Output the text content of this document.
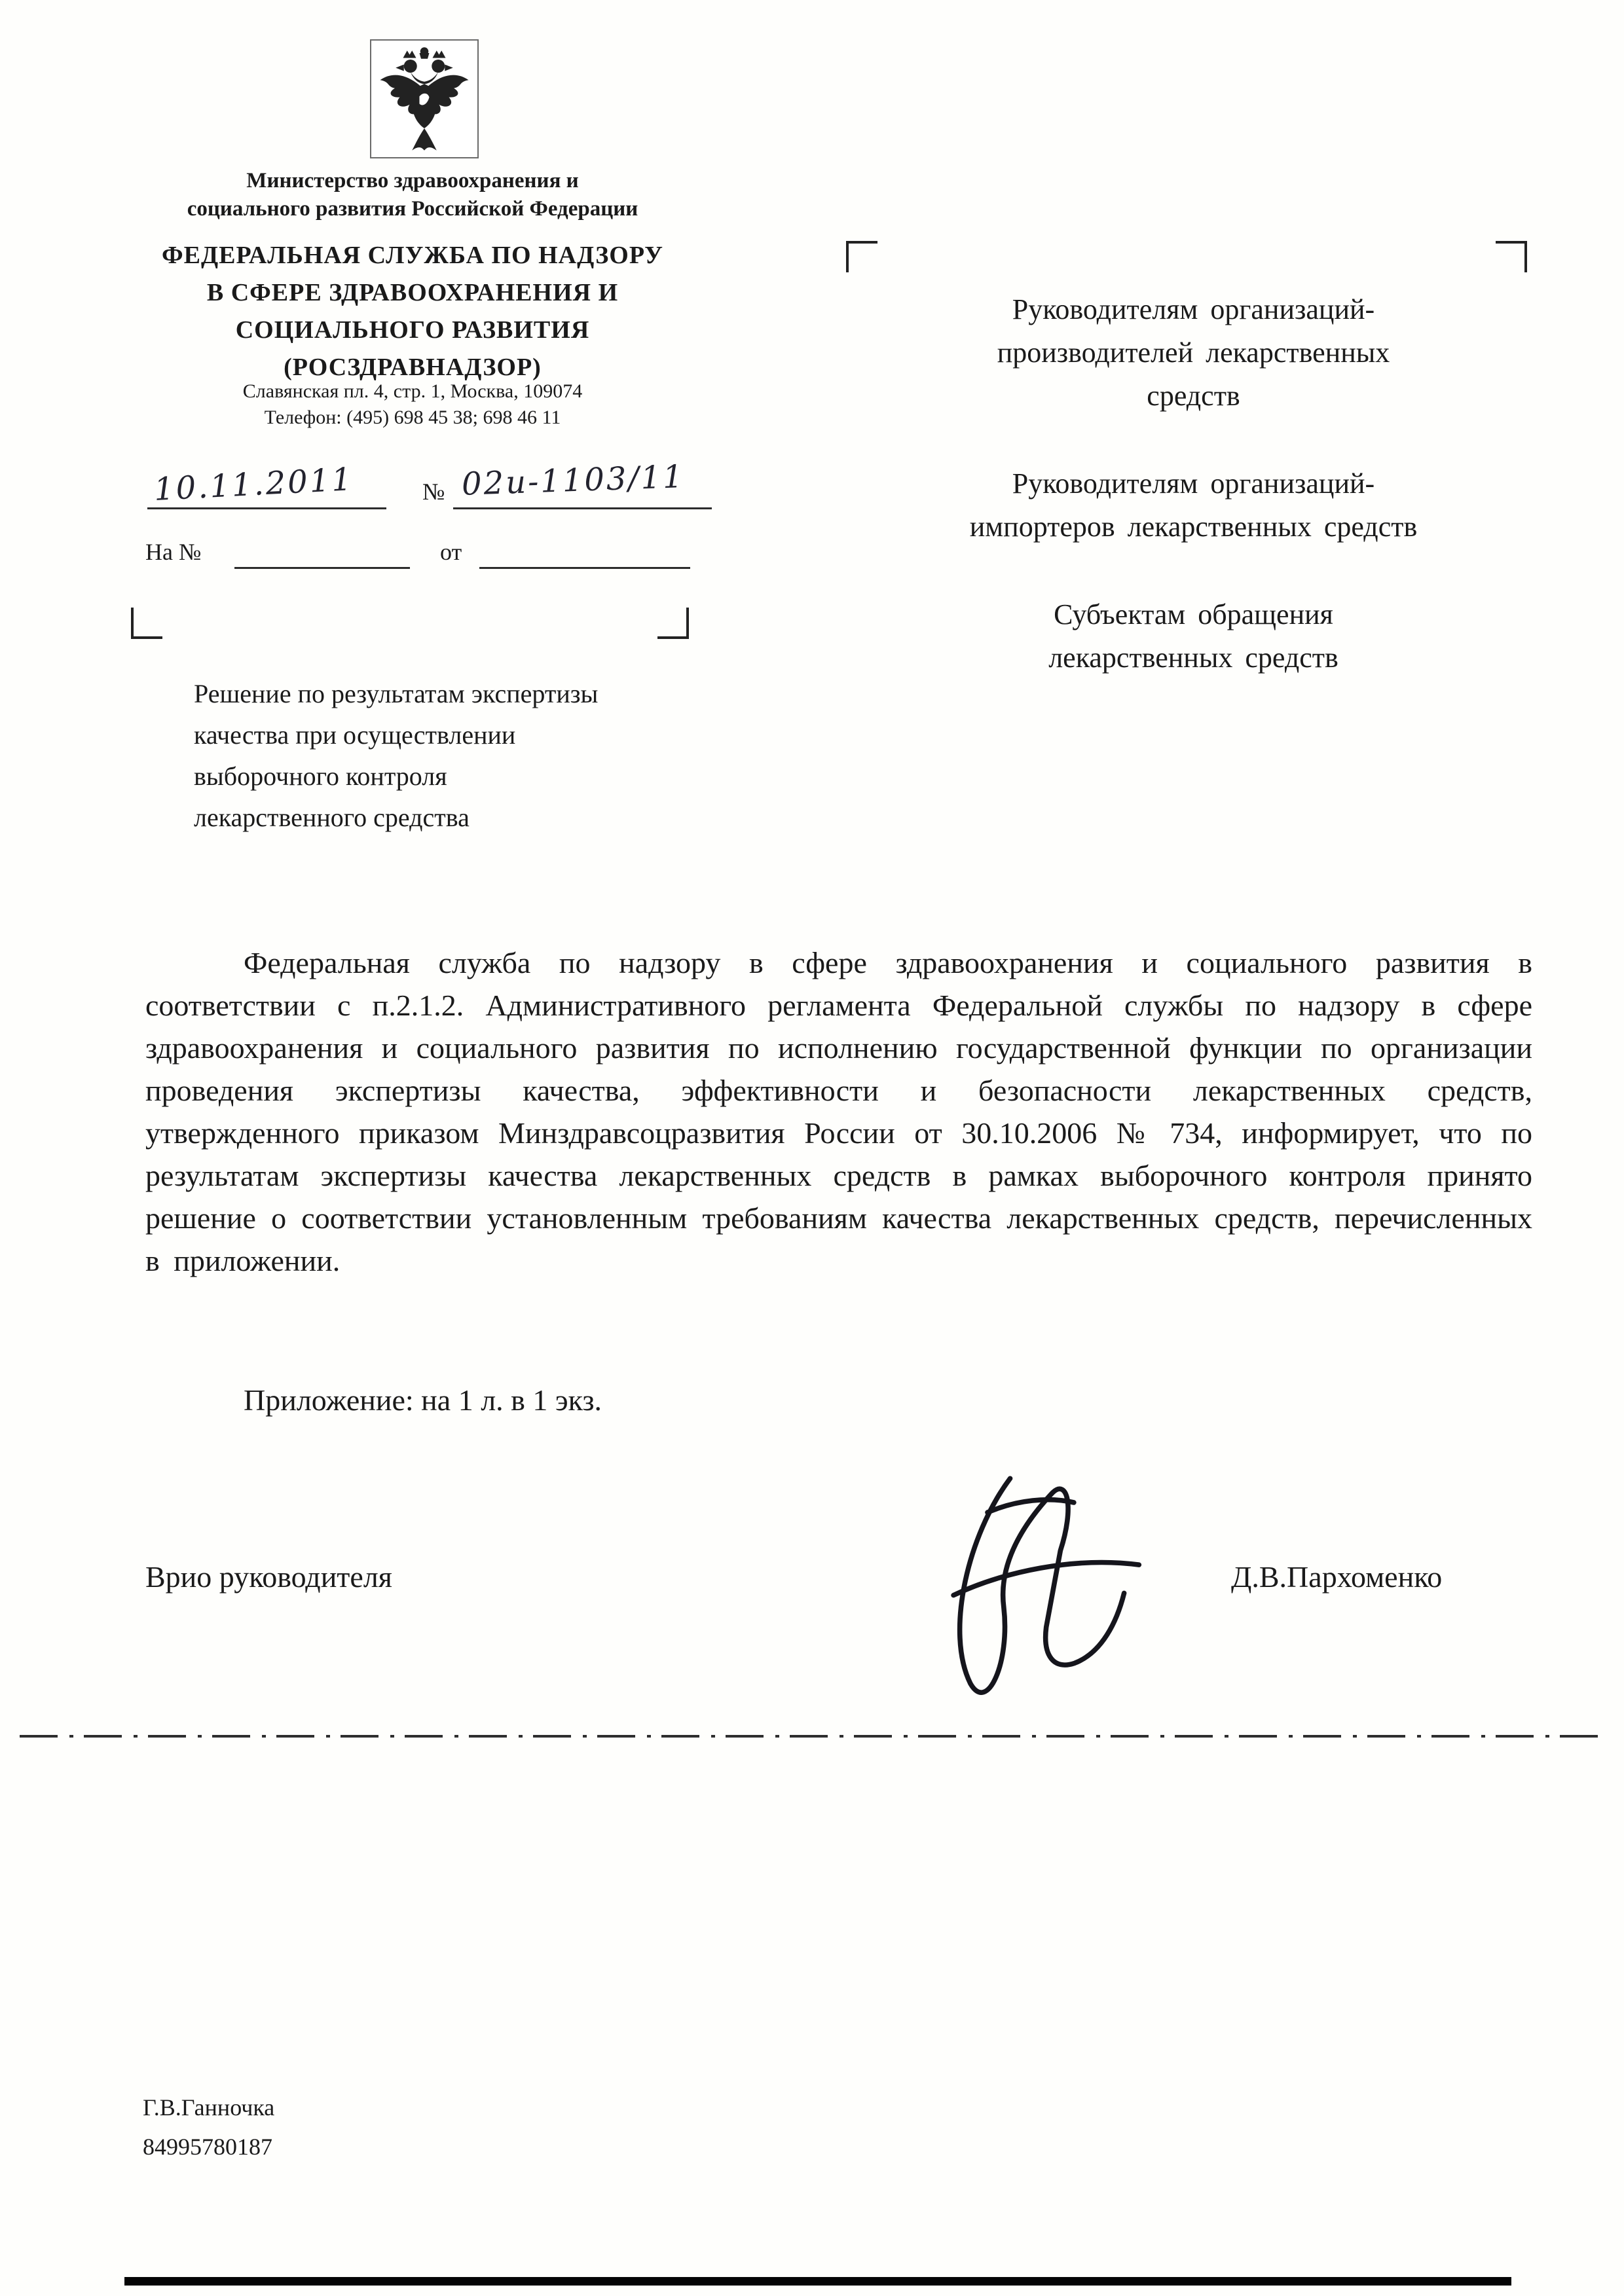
Министерство здравоохранения и
социального развития Российской Федерации
ФЕДЕРАЛЬНАЯ СЛУЖБА ПО НАДЗОРУ
В СФЕРЕ ЗДРАВООХРАНЕНИЯ И
СОЦИАЛЬНОГО РАЗВИТИЯ
(РОСЗДРАВНАДЗОР)
Славянская пл. 4, стр. 1, Москва, 109074
Телефон: (495) 698 45 38; 698 46 11
10.11.2011	№ 02и-1103/11
На №	от
Решение по результатам экспертизы
качества при осуществлении
выборочного контроля
лекарственного средства
Руководителям организаций-
производителей лекарственных
средств
Руководителям организаций-
импортеров лекарственных средств
Субъектам обращения
лекарственных средств
Федеральная служба по надзору в сфере здравоохранения и социального развития в соответствии с п.2.1.2. Административного регламента Федеральной службы по надзору в сфере здравоохранения и социального развития по исполнению государственной функции по организации проведения экспертизы качества, эффективности и безопасности лекарственных средств, утвержденного приказом Минздравсоцразвития России от 30.10.2006 № 734, информирует, что по результатам экспертизы качества лекарственных средств в рамках выборочного контроля принято решение о соответствии установленным требованиям качества лекарственных средств, перечисленных в приложении.
Приложение: на 1 л. в 1 экз.
Врио руководителя	Д.В.Пархоменко
Г.В.Ганночка
84995780187
